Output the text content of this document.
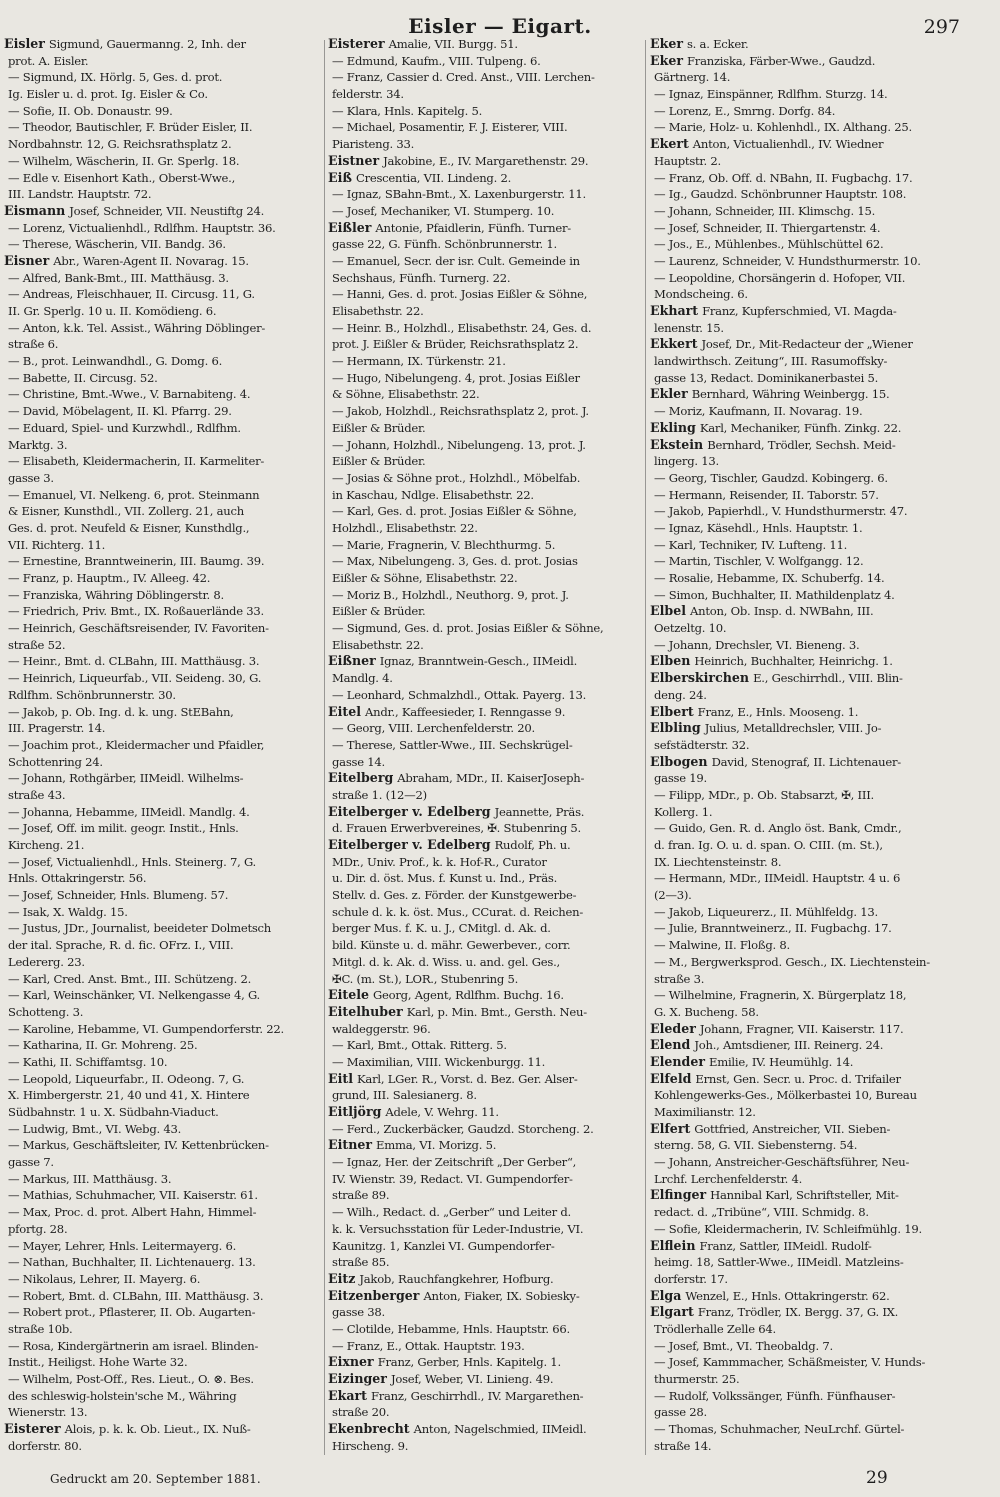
Eisler — Eigart.	297
Eisler Sigmund, Gauermanng. 2, Inh. der
prot. A. Eisler.
— Sigmund, IX. Hörlg. 5, Ges. d. prot.
Ig. Eisler u. d. prot. Ig. Eisler & Co.
— Sofie, II. Ob. Donaustr. 99.
— Theodor, Bautischler, F. Brüder Eisler, II.
Nordbahnstr. 12, G. Reichsrathsplatz 2.
— Wilhelm, Wäscherin, II. Gr. Sperlg. 18.
— Edle v. Eisenhort Kath., Oberst-Wwe.,
III. Landstr. Hauptstr. 72.
Eismann Josef, Schneider, VII. Neustiftg 24.
— Lorenz, Victualienhdl., Rdlfhm. Hauptstr. 36.
— Therese, Wäscherin, VII. Bandg. 36.
Eisner Abr., Waren-Agent II. Novarag. 15.
— Alfred, Bank-Bmt., III. Matthäusg. 3.
— Andreas, Fleischhauer, II. Circusg. 11, G.
II. Gr. Sperlg. 10 u. II. Komödieng. 6.
— Anton, k.k. Tel. Assist., Währing Döblinger-
straße 6.
— B., prot. Leinwandhdl., G. Domg. 6.
— Babette, II. Circusg. 52.
— Christine, Bmt.-Wwe., V. Barnabiteng. 4.
— David, Möbelagent, II. Kl. Pfarrg. 29.
— Eduard, Spiel- und Kurzwhdl., Rdlfhm.
Marktg. 3.
— Elisabeth, Kleidermacherin, II. Karmeliter-
gasse 3.
— Emanuel, VI. Nelkeng. 6, prot. Steinmann
& Eisner, Kunsthdl., VII. Zollerg. 21, auch
Ges. d. prot. Neufeld & Eisner, Kunsthdlg.,
VII. Richterg. 11.
— Ernestine, Branntweinerin, III. Baumg. 39.
— Franz, p. Hauptm., IV. Alleeg. 42.
— Franziska, Währing Döblingerstr. 8.
— Friedrich, Priv. Bmt., IX. Roßauerlände 33.
— Heinrich, Geschäftsreisender, IV. Favoriten-
straße 52.
— Heinr., Bmt. d. CLBahn, III. Matthäusg. 3.
— Heinrich, Liqueurfab., VII. Seideng. 30, G.
Rdlfhm. Schönbrunnerstr. 30.
— Jakob, p. Ob. Ing. d. k. ung. StEBahn,
III. Pragerstr. 14.
— Joachim prot., Kleidermacher und Pfaidler,
Schottenring 24.
— Johann, Rothgärber, IIMeidl. Wilhelms-
straße 43.
— Johanna, Hebamme, IIMeidl. Mandlg. 4.
— Josef, Off. im milit. geogr. Instit., Hnls.
Kircheng. 21.
— Josef, Victualienhdl., Hnls. Steinerg. 7, G.
Hnls. Ottakringerstr. 56.
— Josef, Schneider, Hnls. Blumeng. 57.
— Isak, X. Waldg. 15.
— Justus, JDr., Journalist, beeideter Dolmetsch
der ital. Sprache, R. d. fic. OFrz. I., VIII.
Ledererg. 23.
— Karl, Cred. Anst. Bmt., III. Schützeng. 2.
— Karl, Weinschänker, VI. Nelkengasse 4, G.
Schotteng. 3.
— Karoline, Hebamme, VI. Gumpendorferstr. 22.
— Katharina, II. Gr. Mohreng. 25.
— Kathi, II. Schiffamtsg. 10.
— Leopold, Liqueurfabr., II. Odeong. 7, G.
X. Himbergerstr. 21, 40 und 41, X. Hintere
Südbahnstr. 1 u. X. Südbahn-Viaduct.
— Ludwig, Bmt., VI. Webg. 43.
— Markus, Geschäftsleiter, IV. Kettenbrücken-
gasse 7.
— Markus, III. Matthäusg. 3.
— Mathias, Schuhmacher, VII. Kaiserstr. 61.
— Max, Proc. d. prot. Albert Hahn, Himmel-
pfortg. 28.
— Mayer, Lehrer, Hnls. Leitermayerg. 6.
— Nathan, Buchhalter, II. Lichtenauerg. 13.
— Nikolaus, Lehrer, II. Mayerg. 6.
— Robert, Bmt. d. CLBahn, III. Matthäusg. 3.
— Robert prot., Pflasterer, II. Ob. Augarten-
straße 10b.
— Rosa, Kindergärtnerin am israel. Blinden-
Instit., Heiligst. Hohe Warte 32.
— Wilhelm, Post-Off., Res. Lieut., O. ⊗. Bes.
des schleswig-holstein'sche M., Währing
Wienerstr. 13.
Eisterer Alois, p. k. k. Ob. Lieut., IX. Nuß-
dorferstr. 80.
Eisterer Amalie, VII. Burgg. 51.
— Edmund, Kaufm., VIII. Tulpeng. 6.
— Franz, Cassier d. Cred. Anst., VIII. Lerchen-
felderstr. 34.
— Klara, Hnls. Kapitelg. 5.
— Michael, Posamentir, F. J. Eisterer, VIII.
Piaristeng. 33.
Eistner Jakobine, E., IV. Margarethenstr. 29.
Eiß Crescentia, VII. Lindeng. 2.
— Ignaz, SBahn-Bmt., X. Laxenburgerstr. 11.
— Josef, Mechaniker, VI. Stumperg. 10.
Eißler Antonie, Pfaidlerin, Fünfh. Turner-
gasse 22, G. Fünfh. Schönbrunnerstr. 1.
— Emanuel, Secr. der isr. Cult. Gemeinde in
Sechshaus, Fünfh. Turnerg. 22.
— Hanni, Ges. d. prot. Josias Eißler & Söhne,
Elisabethstr. 22.
— Heinr. B., Holzhdl., Elisabethstr. 24, Ges. d.
prot. J. Eißler & Brüder, Reichsrathsplatz 2.
— Hermann, IX. Türkenstr. 21.
— Hugo, Nibelungeng. 4, prot. Josias Eißler
& Söhne, Elisabethstr. 22.
— Jakob, Holzhdl., Reichsrathsplatz 2, prot. J.
Eißler & Brüder.
— Johann, Holzhdl., Nibelungeng. 13, prot. J.
Eißler & Brüder.
— Josias & Söhne prot., Holzhdl., Möbelfab.
in Kaschau, Ndlge. Elisabethstr. 22.
— Karl, Ges. d. prot. Josias Eißler & Söhne,
Holzhdl., Elisabethstr. 22.
— Marie, Fragnerin, V. Blechthurmg. 5.
— Max, Nibelungeng. 3, Ges. d. prot. Josias
Eißler & Söhne, Elisabethstr. 22.
— Moriz B., Holzhdl., Neuthorg. 9, prot. J.
Eißler & Brüder.
— Sigmund, Ges. d. prot. Josias Eißler & Söhne,
Elisabethstr. 22.
Eißner Ignaz, Branntwein-Gesch., IIMeidl.
Mandlg. 4.
— Leonhard, Schmalzhdl., Ottak. Payerg. 13.
Eitel Andr., Kaffeesieder, I. Renngasse 9.
— Georg, VIII. Lerchenfelderstr. 20.
— Therese, Sattler-Wwe., III. Sechskrügel-
gasse 14.
Eitelberg Abraham, MDr., II. KaiserJoseph-
straße 1. (12—2)
Eitelberger v. Edelberg Jeannette, Präs.
d. Frauen Erwerbvereines, ✠. Stubenring 5.
Eitelberger v. Edelberg Rudolf, Ph. u.
MDr., Univ. Prof., k. k. Hof-R., Curator
u. Dir. d. öst. Mus. f. Kunst u. Ind., Präs.
Stellv. d. Ges. z. Förder. der Kunstgewerbe-
schule d. k. k. öst. Mus., CCurat. d. Reichen-
berger Mus. f. K. u. J., CMitgl. d. Ak. d.
bild. Künste u. d. mähr. Gewerbever., corr.
Mitgl. d. k. Ak. d. Wiss. u. and. gel. Ges.,
✠C. (m. St.), LOR., Stubenring 5.
Eitele Georg, Agent, Rdlfhm. Buchg. 16.
Eitelhuber Karl, p. Min. Bmt., Gersth. Neu-
waldeggerstr. 96.
— Karl, Bmt., Ottak. Ritterg. 5.
— Maximilian, VIII. Wickenburgg. 11.
Eitl Karl, LGer. R., Vorst. d. Bez. Ger. Alser-
grund, III. Salesianerg. 8.
Eitljörg Adele, V. Wehrg. 11.
— Ferd., Zuckerbäcker, Gaudzd. Storcheng. 2.
Eitner Emma, VI. Morizg. 5.
— Ignaz, Her. der Zeitschrift „Der Gerber“,
IV. Wienstr. 39, Redact. VI. Gumpendorfer-
straße 89.
— Wilh., Redact. d. „Gerber“ und Leiter d.
k. k. Versuchsstation für Leder-Industrie, VI.
Kaunitzg. 1, Kanzlei VI. Gumpendorfer-
straße 85.
Eitz Jakob, Rauchfangkehrer, Hofburg.
Eitzenberger Anton, Fiaker, IX. Sobiesky-
gasse 38.
— Clotilde, Hebamme, Hnls. Hauptstr. 66.
— Franz, E., Ottak. Hauptstr. 193.
Eixner Franz, Gerber, Hnls. Kapitelg. 1.
Eizinger Josef, Weber, VI. Linieng. 49.
Ekart Franz, Geschirrhdl., IV. Margarethen-
straße 20.
Ekenbrecht Anton, Nagelschmied, IIMeidl.
Hirscheng. 9.
Eker s. a. Ecker.
Eker Franziska, Färber-Wwe., Gaudzd.
Gärtnerg. 14.
— Ignaz, Einspänner, Rdlfhm. Sturzg. 14.
— Lorenz, E., Smrng. Dorfg. 84.
— Marie, Holz- u. Kohlenhdl., IX. Althang. 25.
Ekert Anton, Victualienhdl., IV. Wiedner
Hauptstr. 2.
— Franz, Ob. Off. d. NBahn, II. Fugbachg. 17.
— Ig., Gaudzd. Schönbrunner Hauptstr. 108.
— Johann, Schneider, III. Klimschg. 15.
— Josef, Schneider, II. Thiergartenstr. 4.
— Jos., E., Mühlenbes., Mühlschüttel 62.
— Laurenz, Schneider, V. Hundsthurmerstr. 10.
— Leopoldine, Chorsängerin d. Hofoper, VII.
Mondscheing. 6.
Ekhart Franz, Kupferschmied, VI. Magda-
lenenstr. 15.
Ekkert Josef, Dr., Mit-Redacteur der „Wiener
landwirthsch. Zeitung“, III. Rasumoffsky-
gasse 13, Redact. Dominikanerbastei 5.
Ekler Bernhard, Währing Weinbergg. 15.
— Moriz, Kaufmann, II. Novarag. 19.
Ekling Karl, Mechaniker, Fünfh. Zinkg. 22.
Ekstein Bernhard, Trödler, Sechsh. Meid-
lingerg. 13.
— Georg, Tischler, Gaudzd. Kobingerg. 6.
— Hermann, Reisender, II. Taborstr. 57.
— Jakob, Papierhdl., V. Hundsthurmerstr. 47.
— Ignaz, Käsehdl., Hnls. Hauptstr. 1.
— Karl, Techniker, IV. Lufteng. 11.
— Martin, Tischler, V. Wolfgangg. 12.
— Rosalie, Hebamme, IX. Schuberfg. 14.
— Simon, Buchhalter, II. Mathildenplatz 4.
Elbel Anton, Ob. Insp. d. NWBahn, III.
Oetzeltg. 10.
— Johann, Drechsler, VI. Bieneng. 3.
Elben Heinrich, Buchhalter, Heinrichg. 1.
Elberskirchen E., Geschirrhdl., VIII. Blin-
deng. 24.
Elbert Franz, E., Hnls. Mooseng. 1.
Elbling Julius, Metalldrechsler, VIII. Jo-
sefstädterstr. 32.
Elbogen David, Stenograf, II. Lichtenauer-
gasse 19.
— Filipp, MDr., p. Ob. Stabsarzt, ✠, III.
Kollerg. 1.
— Guido, Gen. R. d. Anglo öst. Bank, Cmdr.,
d. fran. Ig. O. u. d. span. O. CIII. (m. St.),
IX. Liechtensteinstr. 8.
— Hermann, MDr., IIMeidl. Hauptstr. 4 u. 6
(2—3).
— Jakob, Liqueurerz., II. Mühlfeldg. 13.
— Julie, Branntweinerz., II. Fugbachg. 17.
— Malwine, II. Floßg. 8.
— M., Bergwerksprod. Gesch., IX. Liechtenstein-
straße 3.
— Wilhelmine, Fragnerin, X. Bürgerplatz 18,
G. X. Bucheng. 58.
Eleder Johann, Fragner, VII. Kaiserstr. 117.
Elend Joh., Amtsdiener, III. Reinerg. 24.
Elender Emilie, IV. Heumühlg. 14.
Elfeld Ernst, Gen. Secr. u. Proc. d. Trifailer
Kohlengewerks-Ges., Mölkerbastei 10, Bureau
Maximilianstr. 12.
Elfert Gottfried, Anstreicher, VII. Sieben-
sterng. 58, G. VII. Siebensterng. 54.
— Johann, Anstreicher-Geschäftsführer, Neu-
Lrchf. Lerchenfelderstr. 4.
Elfinger Hannibal Karl, Schriftsteller, Mit-
redact. d. „Tribüne“, VIII. Schmidg. 8.
— Sofie, Kleidermacherin, IV. Schleifmühlg. 19.
Elflein Franz, Sattler, IIMeidl. Rudolf-
heimg. 18, Sattler-Wwe., IIMeidl. Matzleins-
dorferstr. 17.
Elga Wenzel, E., Hnls. Ottakringerstr. 62.
Elgart Franz, Trödler, IX. Bergg. 37, G. IX.
Trödlerhalle Zelle 64.
— Josef, Bmt., VI. Theobaldg. 7.
— Josef, Kammmacher, Schäßmeister, V. Hunds-
thurmerstr. 25.
— Rudolf, Volkssänger, Fünfh. Fünfhauser-
gasse 28.
— Thomas, Schuhmacher, NeuLrchf. Gürtel-
straße 14.
Gedruckt am 20. September 1881.	29
